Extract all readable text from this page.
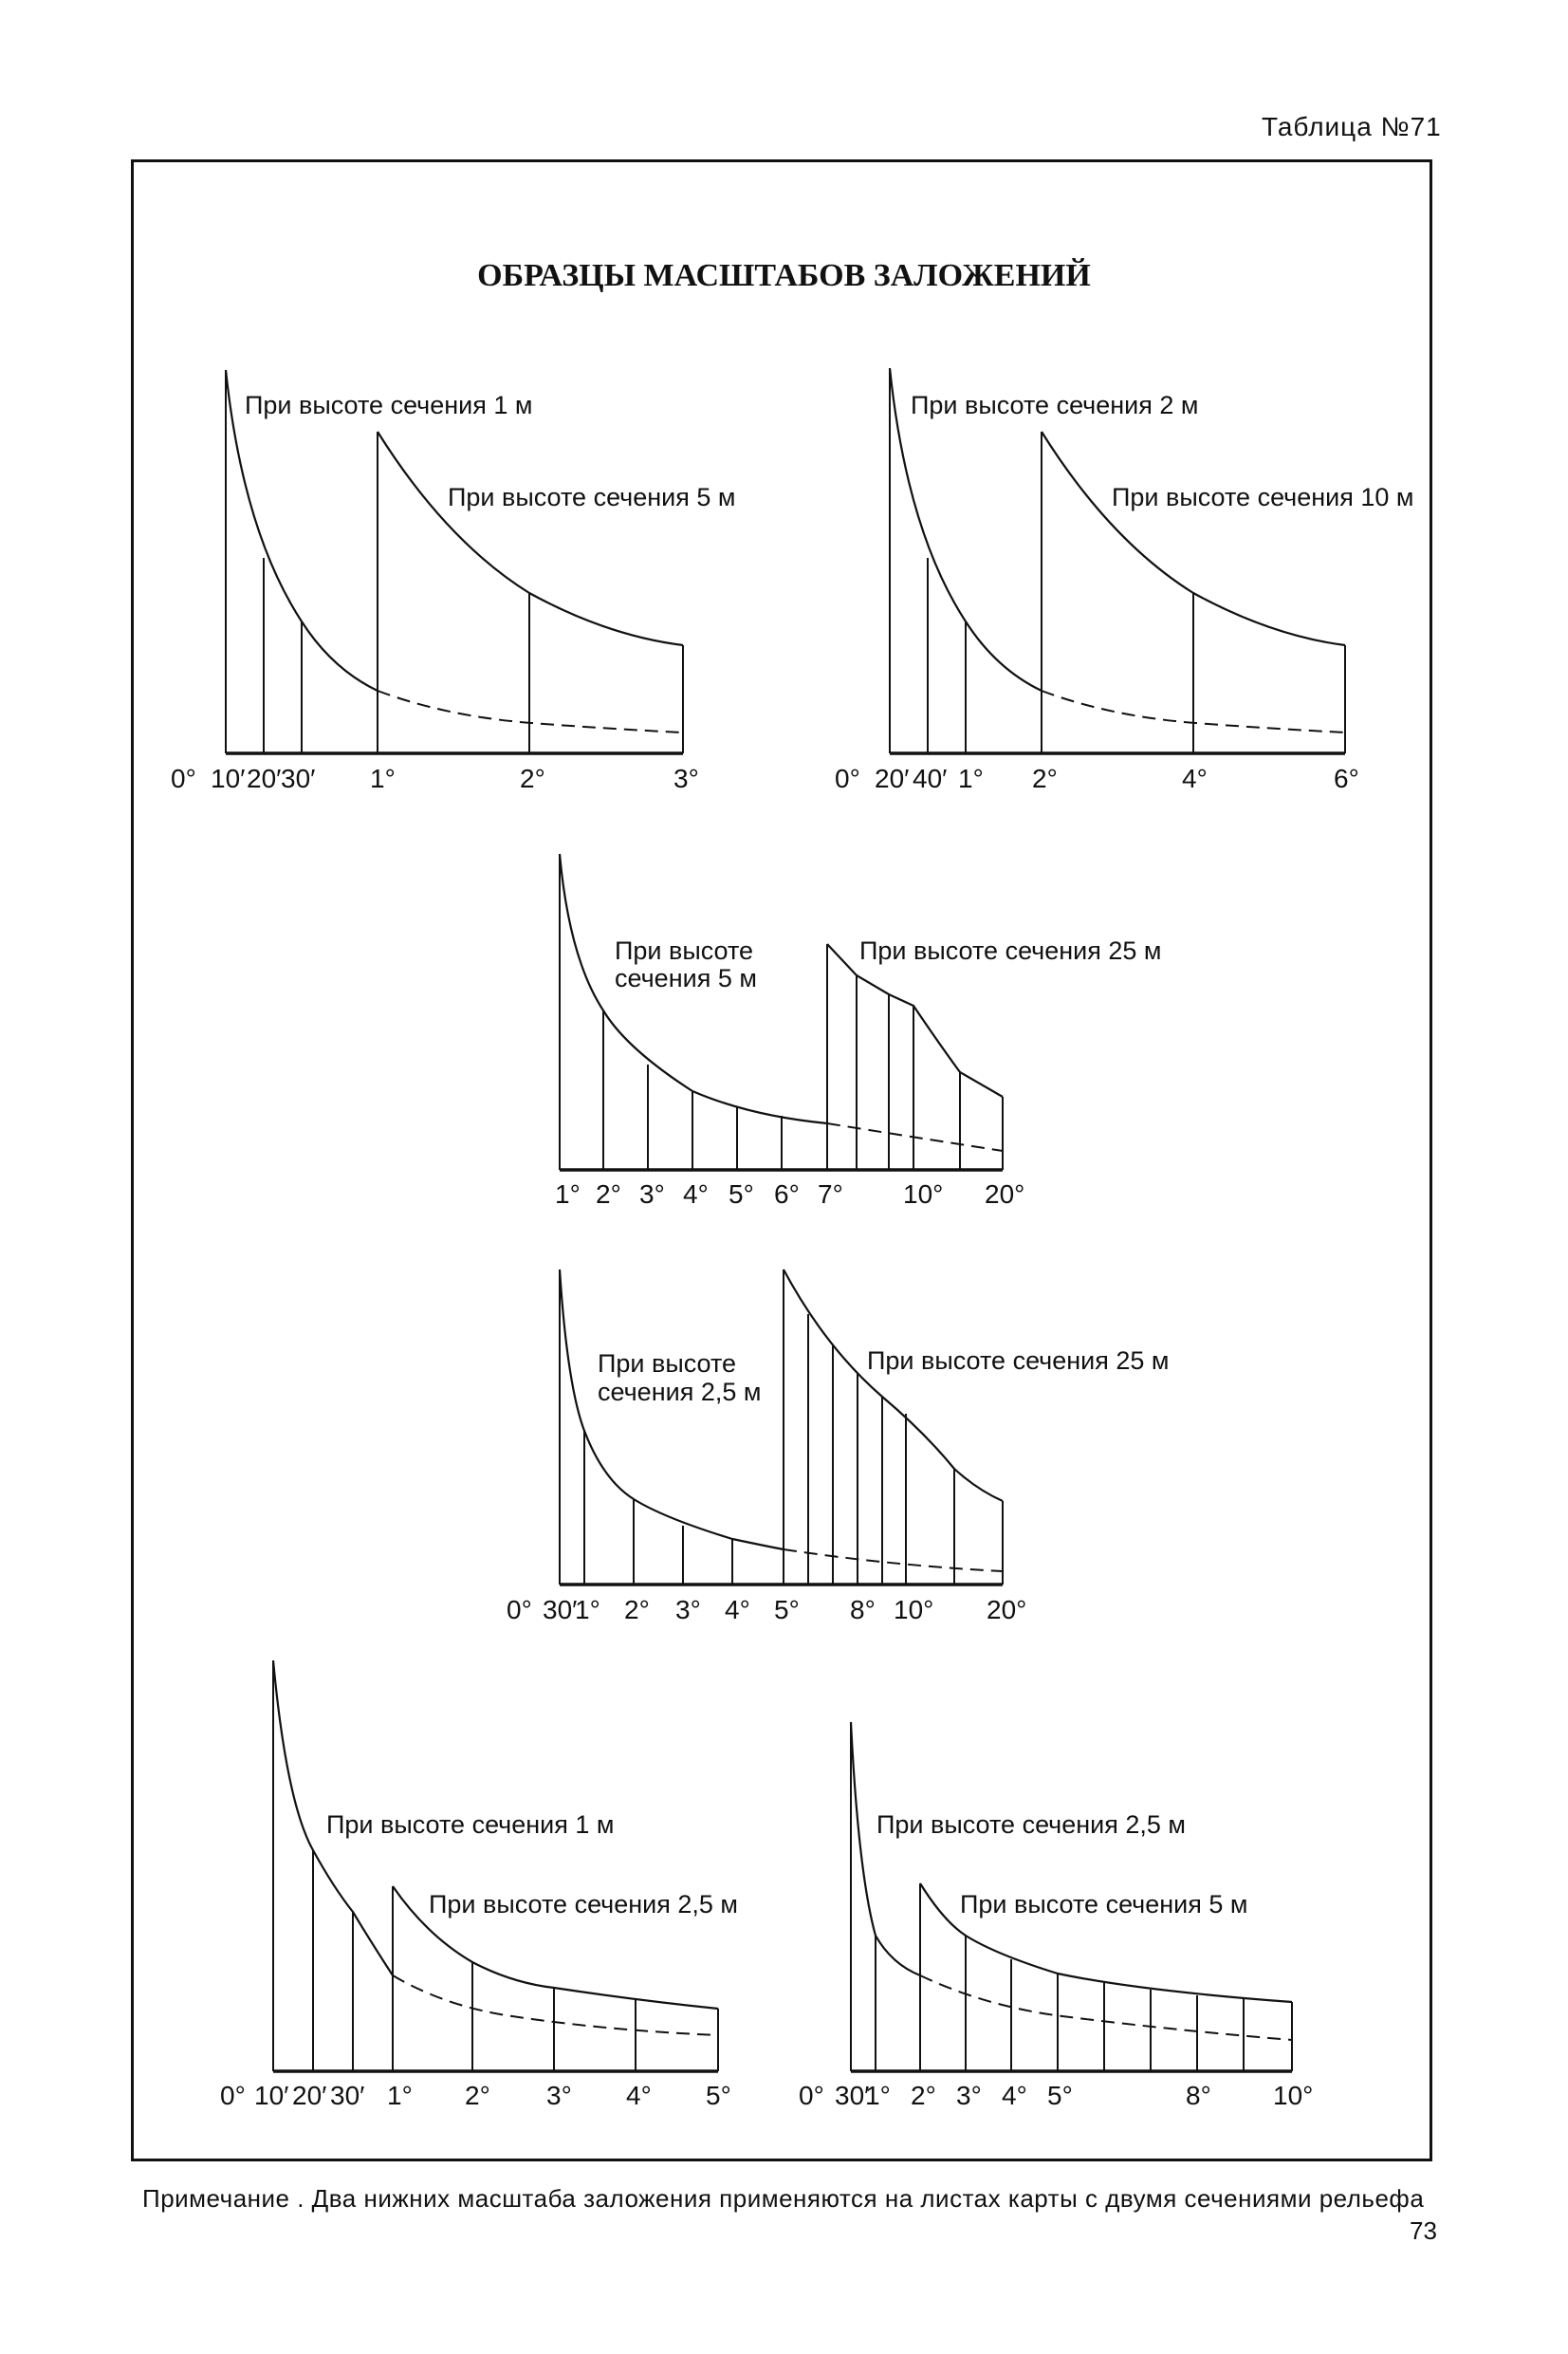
Таблица №71
ОБРАЗЦЫ МАСШТАБОВ ЗАЛОЖЕНИЙ
При высоте сечения 1 м
При высоте сечения 5 м
0° 10′ 20′ 30′ 1°	2°	3°
При высоте сечения 2 м
При высоте сечения 10 м
0° 20′ 40′ 1° 2°	4°	6°
При высоте
сечения 5 м
При высоте сечения 25 м
1° 2° 3° 4° 5° 6° 7° 10° 20°
При высоте
сечения 2,5 м
При высоте сечения 25 м
0° 30′
1° 2° 3° 4° 5° 8° 10° 20°
При высоте сечения 1 м
При высоте сечения 2,5 м
0° 10′ 20′ 30′ 1° 2° 3° 4° 5°
При высоте сечения 2,5 м
При высоте сечения 5 м
0° 30′
1° 2° 3° 4° 5°	8° 10°
Примечание . Два нижних масштаба заложения применяются на листах карты с двумя сечениями рельефа
73
